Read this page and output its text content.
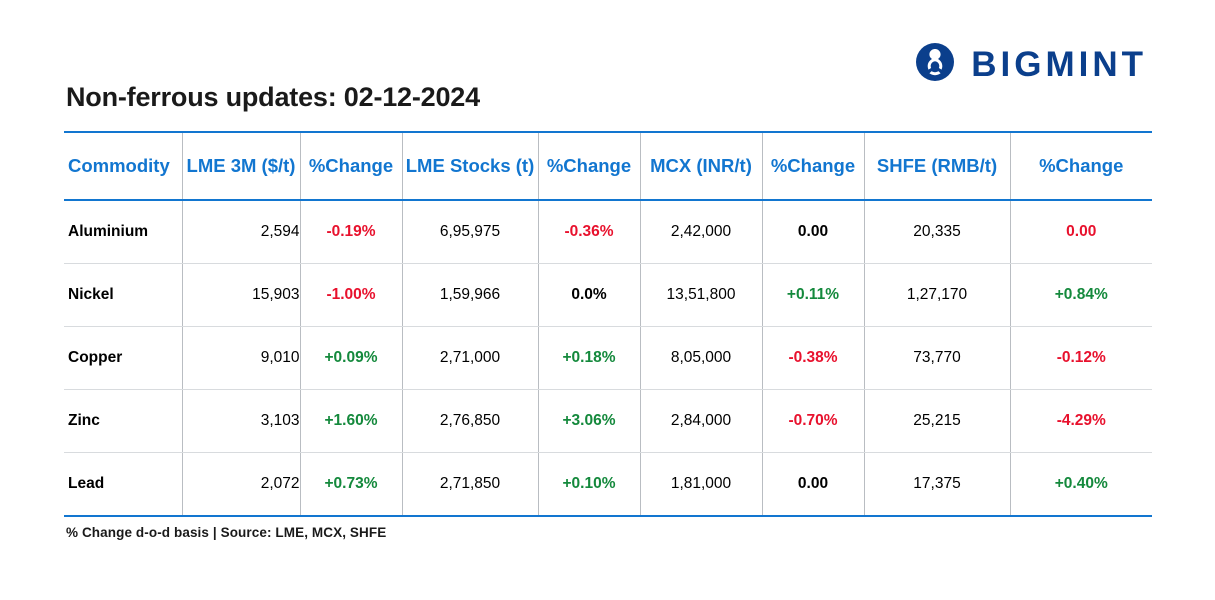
BIGMINT
Non-ferrous updates: 02-12-2024
Commodity	LME 3M ($/t)	%Change	LME Stocks (t)	%Change	MCX (INR/t)	%Change	SHFE (RMB/t)	%Change
Aluminium	2,594	-0.19%	6,95,975	-0.36%	2,42,000	0.00	20,335	0.00
Nickel	15,903	-1.00%	1,59,966	0.0%	13,51,800	+0.11%	1,27,170	+0.84%
Copper	9,010	+0.09%	2,71,000	+0.18%	8,05,000	-0.38%	73,770	-0.12%
Zinc	3,103	+1.60%	2,76,850	+3.06%	2,84,000	-0.70%	25,215	-4.29%
Lead	2,072	+0.73%	2,71,850	+0.10%	1,81,000	0.00	17,375	+0.40%
% Change d-o-d basis | Source: LME, MCX, SHFE
